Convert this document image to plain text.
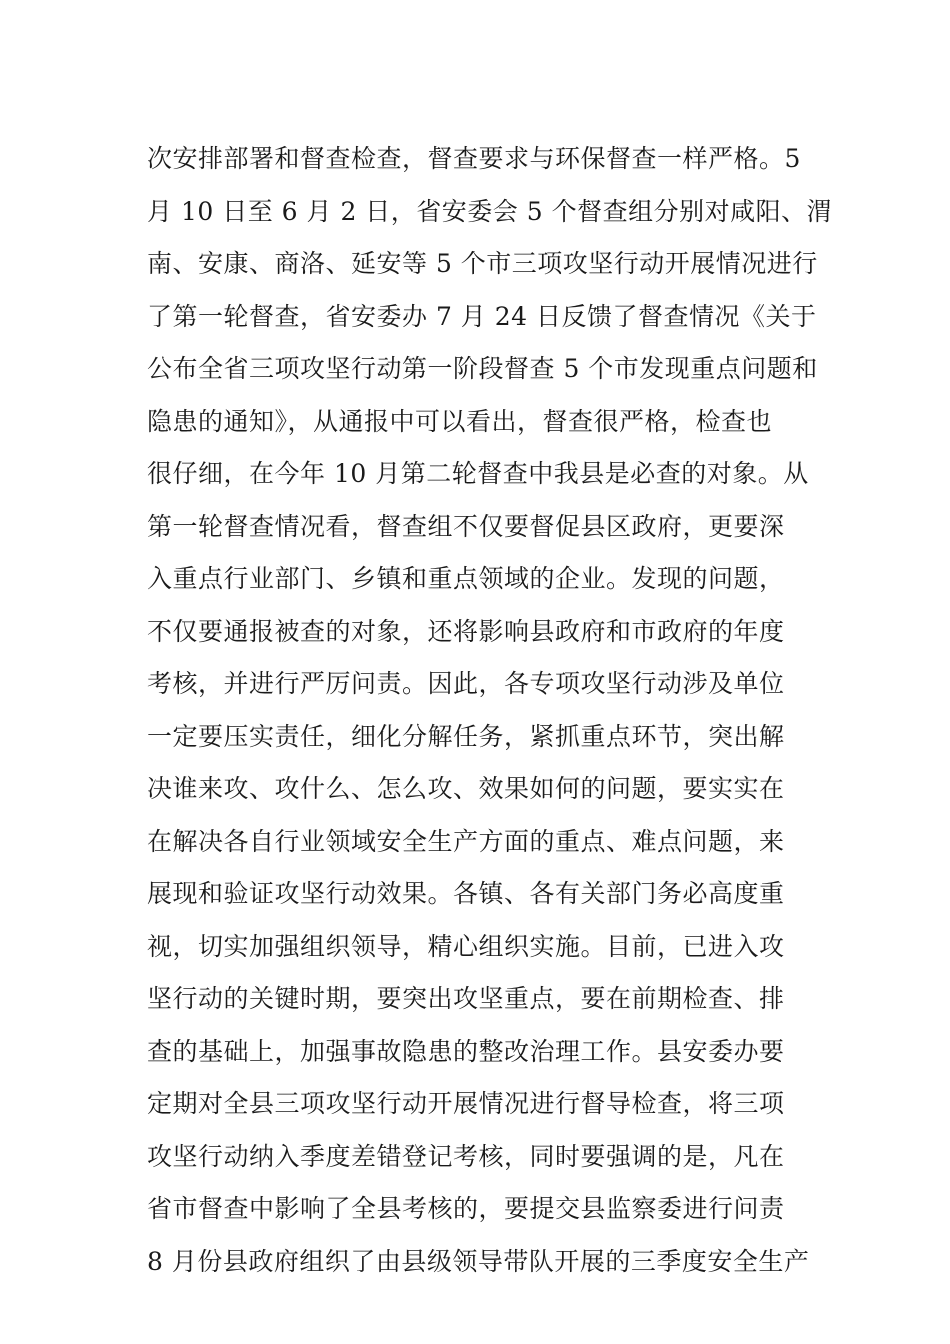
次安排部署和督查检查，督查要求与环保督查一样严格。5
月 10 日至 6 月 2 日，省安委会 5 个督查组分别对咸阳、渭
南、安康、商洛、延安等 5 个市三项攻坚行动开展情况进行
了第一轮督查，省安委办 7 月 24 日反馈了督查情况《关于
公布全省三项攻坚行动第一阶段督查 5 个市发现重点问题和
隐患的通知》，从通报中可以看出，督查很严格，检查也
很仔细，在今年 10 月第二轮督查中我县是必查的对象。从
第一轮督查情况看，督查组不仅要督促县区政府，更要深
入重点行业部门、乡镇和重点领域的企业。发现的问题，
不仅要通报被查的对象，还将影响县政府和市政府的年度
考核，并进行严厉问责。因此，各专项攻坚行动涉及单位
一定要压实责任，细化分解任务，紧抓重点环节，突出解
决谁来攻、攻什么、怎么攻、效果如何的问题，要实实在
在解决各自行业领域安全生产方面的重点、难点问题，来
展现和验证攻坚行动效果。各镇、各有关部门务必高度重
视，切实加强组织领导，精心组织实施。目前，已进入攻
坚行动的关键时期，要突出攻坚重点，要在前期检查、排
查的基础上，加强事故隐患的整改治理工作。县安委办要
定期对全县三项攻坚行动开展情况进行督导检查，将三项
攻坚行动纳入季度差错登记考核，同时要强调的是，凡在
省市督查中影响了全县考核的，要提交县监察委进行问责
8 月份县政府组织了由县级领导带队开展的三季度安全生产
